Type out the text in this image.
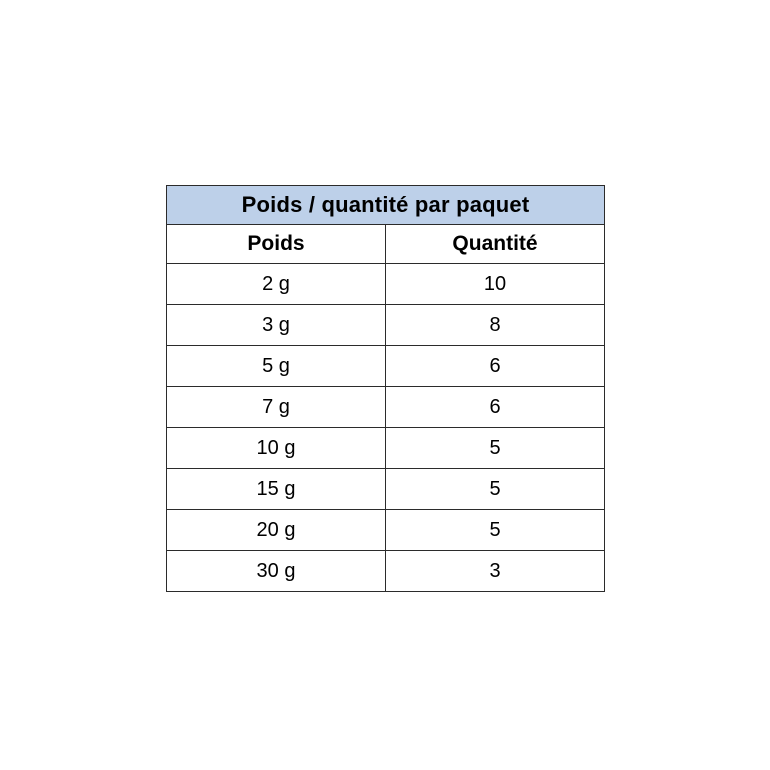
Poids / quantité par paquet	
Poids	Quantité
2 g	10
3 g	8
5 g	6
7 g	6
10 g	5
15 g	5
20 g	5
30 g	3
